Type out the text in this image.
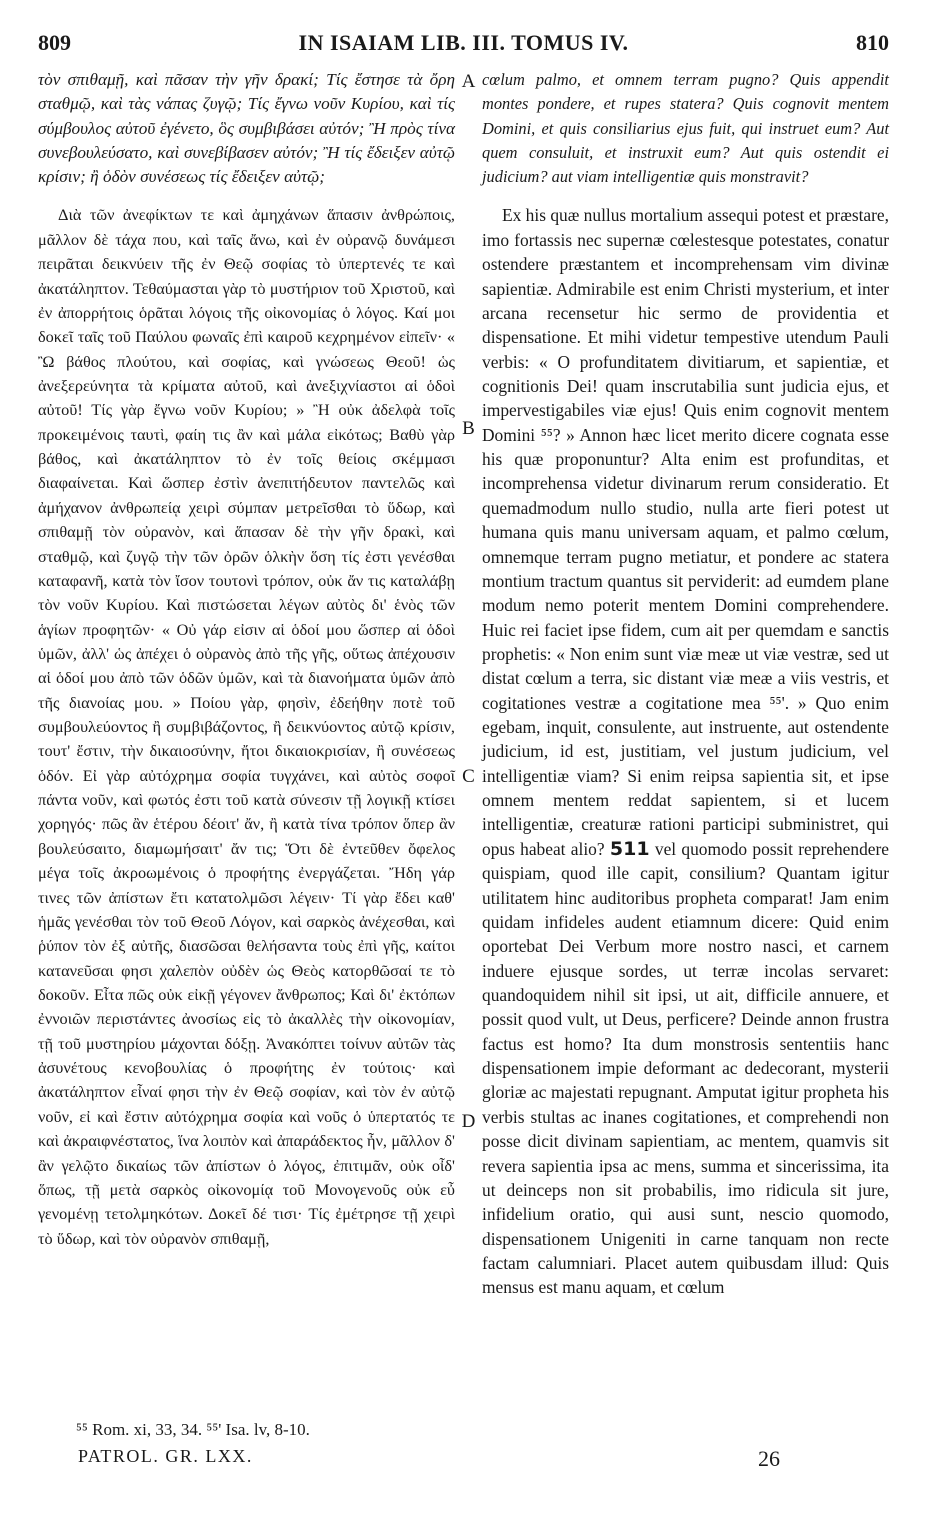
809	IN ISAIAM LIB. III. TOMUS IV.	810

τὸν σπιθαμῇ, καὶ πᾶσαν τὴν γῆν δρακί; Τίς ἔστησε τὰ ὄρη σταθμῷ, καὶ τὰς νάπας ζυγῷ; Τίς ἔγνω νοῦν Κυρίου, καὶ τίς σύμβουλος αὐτοῦ ἐγένετο, ὃς συμβιβάσει αὐτόν; Ἢ πρὸς τίνα συνεβουλεύσατο, καὶ συνεβίβασεν αὐτόν; Ἢ τίς ἔδειξεν αὐτῷ κρίσιν; ἢ ὁδὸν συνέσεως τίς ἔδειξεν αὐτῷ;

Διὰ τῶν ἀνεφίκτων τε καὶ ἀμηχάνων ἅπασιν ἀνθρώποις, μᾶλλον δὲ τάχα που, καὶ ταῖς ἄνω, καὶ ἐν οὐρανῷ δυνάμεσι πειρᾶται δεικνύειν τῆς ἐν Θεῷ σοφίας τὸ ὑπερτενές τε καὶ ἀκατάληπτον. Τεθαύμασται γὰρ τὸ μυστήριον τοῦ Χριστοῦ, καὶ ἐν ἀπορρήτοις ὁρᾶται λόγοις τῆς οἰκονομίας ὁ λόγος. Καί μοι δοκεῖ ταῖς τοῦ Παύλου φωναῖς ἐπὶ καιροῦ κεχρημένον εἰπεῖν· « Ὢ βάθος πλούτου, καὶ σοφίας, καὶ γνώσεως Θεοῦ! ὡς ἀνεξερεύνητα τὰ κρίματα αὐτοῦ, καὶ ἀνεξιχνίαστοι αἱ ὁδοὶ αὐτοῦ! Τίς γὰρ ἔγνω νοῦν Κυρίου; » Ἢ οὐκ ἀδελφὰ τοῖς προκειμένοις ταυτὶ, φαίη τις ἂν καὶ μάλα εἰκότως; Βαθὺ γὰρ βάθος, καὶ ἀκατάληπτον τὸ ἐν τοῖς θείοις σκέμμασι διαφαίνεται. Καὶ ὥσπερ ἐστὶν ἀνεπιτήδευτον παντελῶς καὶ ἀμήχανον ἀνθρωπείᾳ χειρὶ σύμπαν μετρεῖσθαι τὸ ὕδωρ, καὶ σπιθαμῇ τὸν οὐρανὸν, καὶ ἅπασαν δὲ τὴν γῆν δρακὶ, καὶ σταθμῷ, καὶ ζυγῷ τὴν τῶν ὀρῶν ὁλκὴν ὅση τίς ἐστι γενέσθαι καταφανῆ, κατὰ τὸν ἴσον τουτονὶ τρόπον, οὐκ ἄν τις καταλάβῃ τὸν νοῦν Κυρίου. Καὶ πιστώσεται λέγων αὐτὸς δι' ἑνὸς τῶν ἁγίων προφητῶν· « Οὐ γάρ εἰσιν αἱ ὁδοί μου ὥσπερ αἱ ὁδοὶ ὑμῶν, ἀλλ' ὡς ἀπέχει ὁ οὐρανὸς ἀπὸ τῆς γῆς, οὕτως ἀπέχουσιν αἱ ὁδοί μου ἀπὸ τῶν ὁδῶν ὑμῶν, καὶ τὰ διανοήματα ὑμῶν ἀπὸ τῆς διανοίας μου. » Ποίου γὰρ, φησὶν, ἐδεήθην ποτὲ τοῦ συμβουλεύοντος ἢ συμβιβάζοντος, ἢ δεικνύοντος αὐτῷ κρίσιν, τουτ' ἔστιν, τὴν δικαιοσύνην, ἤτοι δικαιοκρισίαν, ἢ συνέσεως ὁδόν. Εἰ γὰρ αὐτόχρημα σοφία τυγχάνει, καὶ αὐτὸς σοφοῖ πάντα νοῦν, καὶ φωτός ἐστι τοῦ κατὰ σύνεσιν τῇ λογικῇ κτίσει χορηγός· πῶς ἂν ἑτέρου δέοιτ' ἄν, ἢ κατὰ τίνα τρόπον ὅπερ ἂν βουλεύσαιτο, διαμωμήσαιτ' ἄν τις; Ὅτι δὲ ἐντεῦθεν ὄφελος μέγα τοῖς ἀκροωμένοις ὁ προφήτης ἐνεργάζεται. Ἤδη γάρ τινες τῶν ἀπίστων ἔτι κατατολμῶσι λέγειν· Τί γὰρ ἔδει καθ' ἡμᾶς γενέσθαι τὸν τοῦ Θεοῦ Λόγον, καὶ σαρκὸς ἀνέχεσθαι, καὶ ῥύπον τὸν ἐξ αὐτῆς, διασῶσαι θελήσαντα τοὺς ἐπὶ γῆς, καίτοι κατανεῦσαι φησι χαλεπὸν οὐδὲν ὡς Θεὸς κατορθῶσαί τε τὸ δοκοῦν. Εἶτα πῶς οὐκ εἰκῇ γέγονεν ἄνθρωπος; Καὶ δι' ἐκτόπων ἐννοιῶν περιστάντες ἀνοσίως εἰς τὸ ἀκαλλὲς τὴν οἰκονομίαν, τῇ τοῦ μυστηρίου μάχονται δόξῃ. Ἀνακόπτει τοίνυν αὐτῶν τὰς ἀσυνέτους κενοβουλίας ὁ προφήτης ἐν τούτοις· καὶ ἀκατάληπτον εἶναί φησι τὴν ἐν Θεῷ σοφίαν, καὶ τὸν ἐν αὐτῷ νοῦν, εἰ καὶ ἔστιν αὐτόχρημα σοφία καὶ νοῦς ὁ ὑπερτατός τε καὶ ἀκραιφνέστατος, ἵνα λοιπὸν καὶ ἀπαράδεκτος ἦν, μᾶλλον δ' ἂν γελῷτο δικαίως τῶν ἀπίστων ὁ λόγος, ἐπιτιμᾶν, οὐκ οἶδ' ὅπως, τῇ μετὰ σαρκὸς οἰκονομίᾳ τοῦ Μονογενοῦς οὐκ εὖ γενομένῃ τετολμηκότων. Δοκεῖ δέ τισι· Τίς ἐμέτρησε τῇ χειρὶ τὸ ὕδωρ, καὶ τὸν οὐρανὸν σπιθαμῇ,

A
B
C
D

cœlum palmo, et omnem terram pugno? Quis appendit montes pondere, et rupes statera? Quis cognovit mentem Domini, et quis consiliarius ejus fuit, qui instruet eum? Aut quem consuluit, et instruxit eum? Aut quis ostendit ei judicium? aut viam intelligentiæ quis monstravit?

Ex his quæ nullus mortalium assequi potest et præstare, imo fortassis nec supernæ cœlestesque potestates, conatur ostendere præstantem et incomprehensam vim divinæ sapientiæ. Admirabile est enim Christi mysterium, et inter arcana recensetur hic sermo de providentia et dispensatione. Et mihi videtur tempestive utendum Pauli verbis: « O profunditatem divitiarum, et sapientiæ, et cognitionis Dei! quam inscrutabilia sunt judicia ejus, et impervestigabiles viæ ejus! Quis enim cognovit mentem Domini ⁵⁵? » Annon hæc licet merito dicere cognata esse his quæ proponuntur? Alta enim est profunditas, et incomprehensa videtur divinarum rerum consideratio. Et quemadmodum nullo studio, nulla arte fieri potest ut humana quis manu universam aquam, et palmo cœlum, omnemque terram pugno metiatur, et pondere ac statera montium tractum quantus sit perviderit: ad eumdem plane modum nemo poterit mentem Domini comprehendere. Huic rei faciet ipse fidem, cum ait per quemdam e sanctis prophetis: « Non enim sunt viæ meæ ut viæ vestræ, sed ut distat cœlum a terra, sic distant viæ meæ a viis vestris, et cogitationes vestræ a cogitatione mea ⁵⁵'. » Quo enim egebam, inquit, consulente, aut instruente, aut ostendente judicium, id est, justitiam, vel justum judicium, vel intelligentiæ viam? Si enim reipsa sapientia sit, et ipse omnem mentem reddat sapientem, si et lucem intelligentiæ, creaturæ rationi participi subministret, qui opus habeat alio? 511 vel quomodo possit reprehendere quispiam, quod ille capit, consilium? Quantam igitur utilitatem hinc auditoribus propheta comparat! Jam enim quidam infideles audent etiamnum dicere: Quid enim oportebat Dei Verbum more nostro nasci, et carnem induere ejusque sordes, ut terræ incolas servaret: quandoquidem nihil sit ipsi, ut ait, difficile annuere, et possit quod vult, ut Deus, perficere? Deinde annon frustra factus est homo? Ita dum monstrosis sententiis hanc dispensationem impie deformant ac dedecorant, mysterii gloriæ ac majestati repugnant. Amputat igitur propheta his verbis stultas ac inanes cogitationes, et comprehendi non posse dicit divinam sapientiam, ac mentem, quamvis sit revera sapientia ipsa ac mens, summa et sincerissima, ita ut deinceps non sit probabilis, imo ridicula sit jure, infidelium oratio, qui ausi sunt, nescio quomodo, dispensationem Unigeniti in carne tanquam non recte factam calumniari. Placet autem quibusdam illud: Quis mensus est manu aquam, et cœlum

⁵⁵ Rom. xi, 33, 34. ⁵⁵' Isa. lv, 8-10.
PATROL. GR. LXX.	26
